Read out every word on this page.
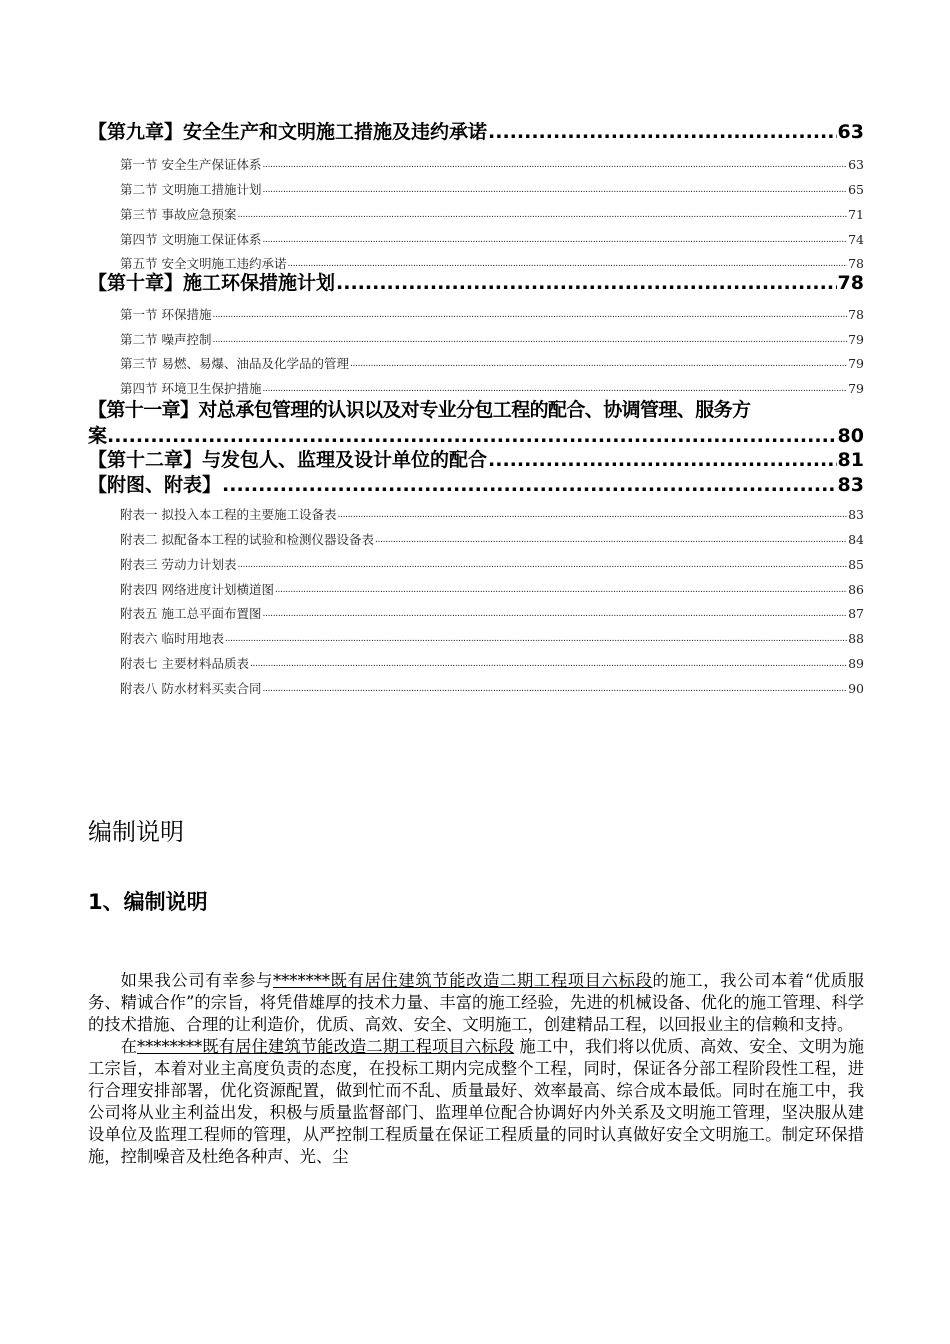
【第九章】安全生产和文明施工措施及违约承诺 .....	63
第一节 安全生产保证体系 .....	63
第二节 文明施工措施计划 .....	65
第三节 事故应急预案 .....	71
第四节 文明施工保证体系 .....	74
第五节 安全文明施工违约承诺 .....	78
【第十章】施工环保措施计划 .....	78
第一节 环保措施 .....	78
第二节 噪声控制 .....	79
第三节 易燃、易爆、油品及化学品的管理 .....	79
第四节 环境卫生保护措施 .....	79
【第十一章】对总承包管理的认识以及对专业分包工程的配合、协调管理、服务方
案 .....	80
【第十二章】与发包人、监理及设计单位的配合 .....	81
【附图、附表】 .....	83
附表一 拟投入本工程的主要施工设备表 .....	83
附表二 拟配备本工程的试验和检测仪器设备表 .....	84
附表三 劳动力计划表 .....	85
附表四 网络进度计划横道图 .....	86
附表五 施工总平面布置图 .....	87
附表六 临时用地表 .....	88
附表七 主要材料品质表 .....	89
附表八 防水材料买卖合同 .....	90
编制说明
1、编制说明

如果我公司有幸参与*******既有居住建筑节能改造二期工程项目六标段的施工，我公司本着“优质服务、精诚合作”的宗旨，将凭借雄厚的技术力量、丰富的施工经验，先进的机械设备、优化的施工管理、科学的技术措施、合理的让利造价，优质、高效、安全、文明施工，创建精品工程，以回报业主的信赖和支持。

在********既有居住建筑节能改造二期工程项目六标段 施工中，我们将以优质、高效、安全、文明为施工宗旨，本着对业主高度负责的态度，在投标工期内完成整个工程，同时，保证各分部工程阶段性工程，进行合理安排部署，优化资源配置，做到忙而不乱、质量最好、效率最高、综合成本最低。同时在施工中，我公司将从业主利益出发，积极与质量监督部门、监理单位配合协调好内外关系及文明施工管理，坚决服从建设单位及监理工程师的管理，从严控制工程质量在保证工程质量的同时认真做好安全文明施工。制定环保措施，控制噪音及杜绝各种声、光、尘
